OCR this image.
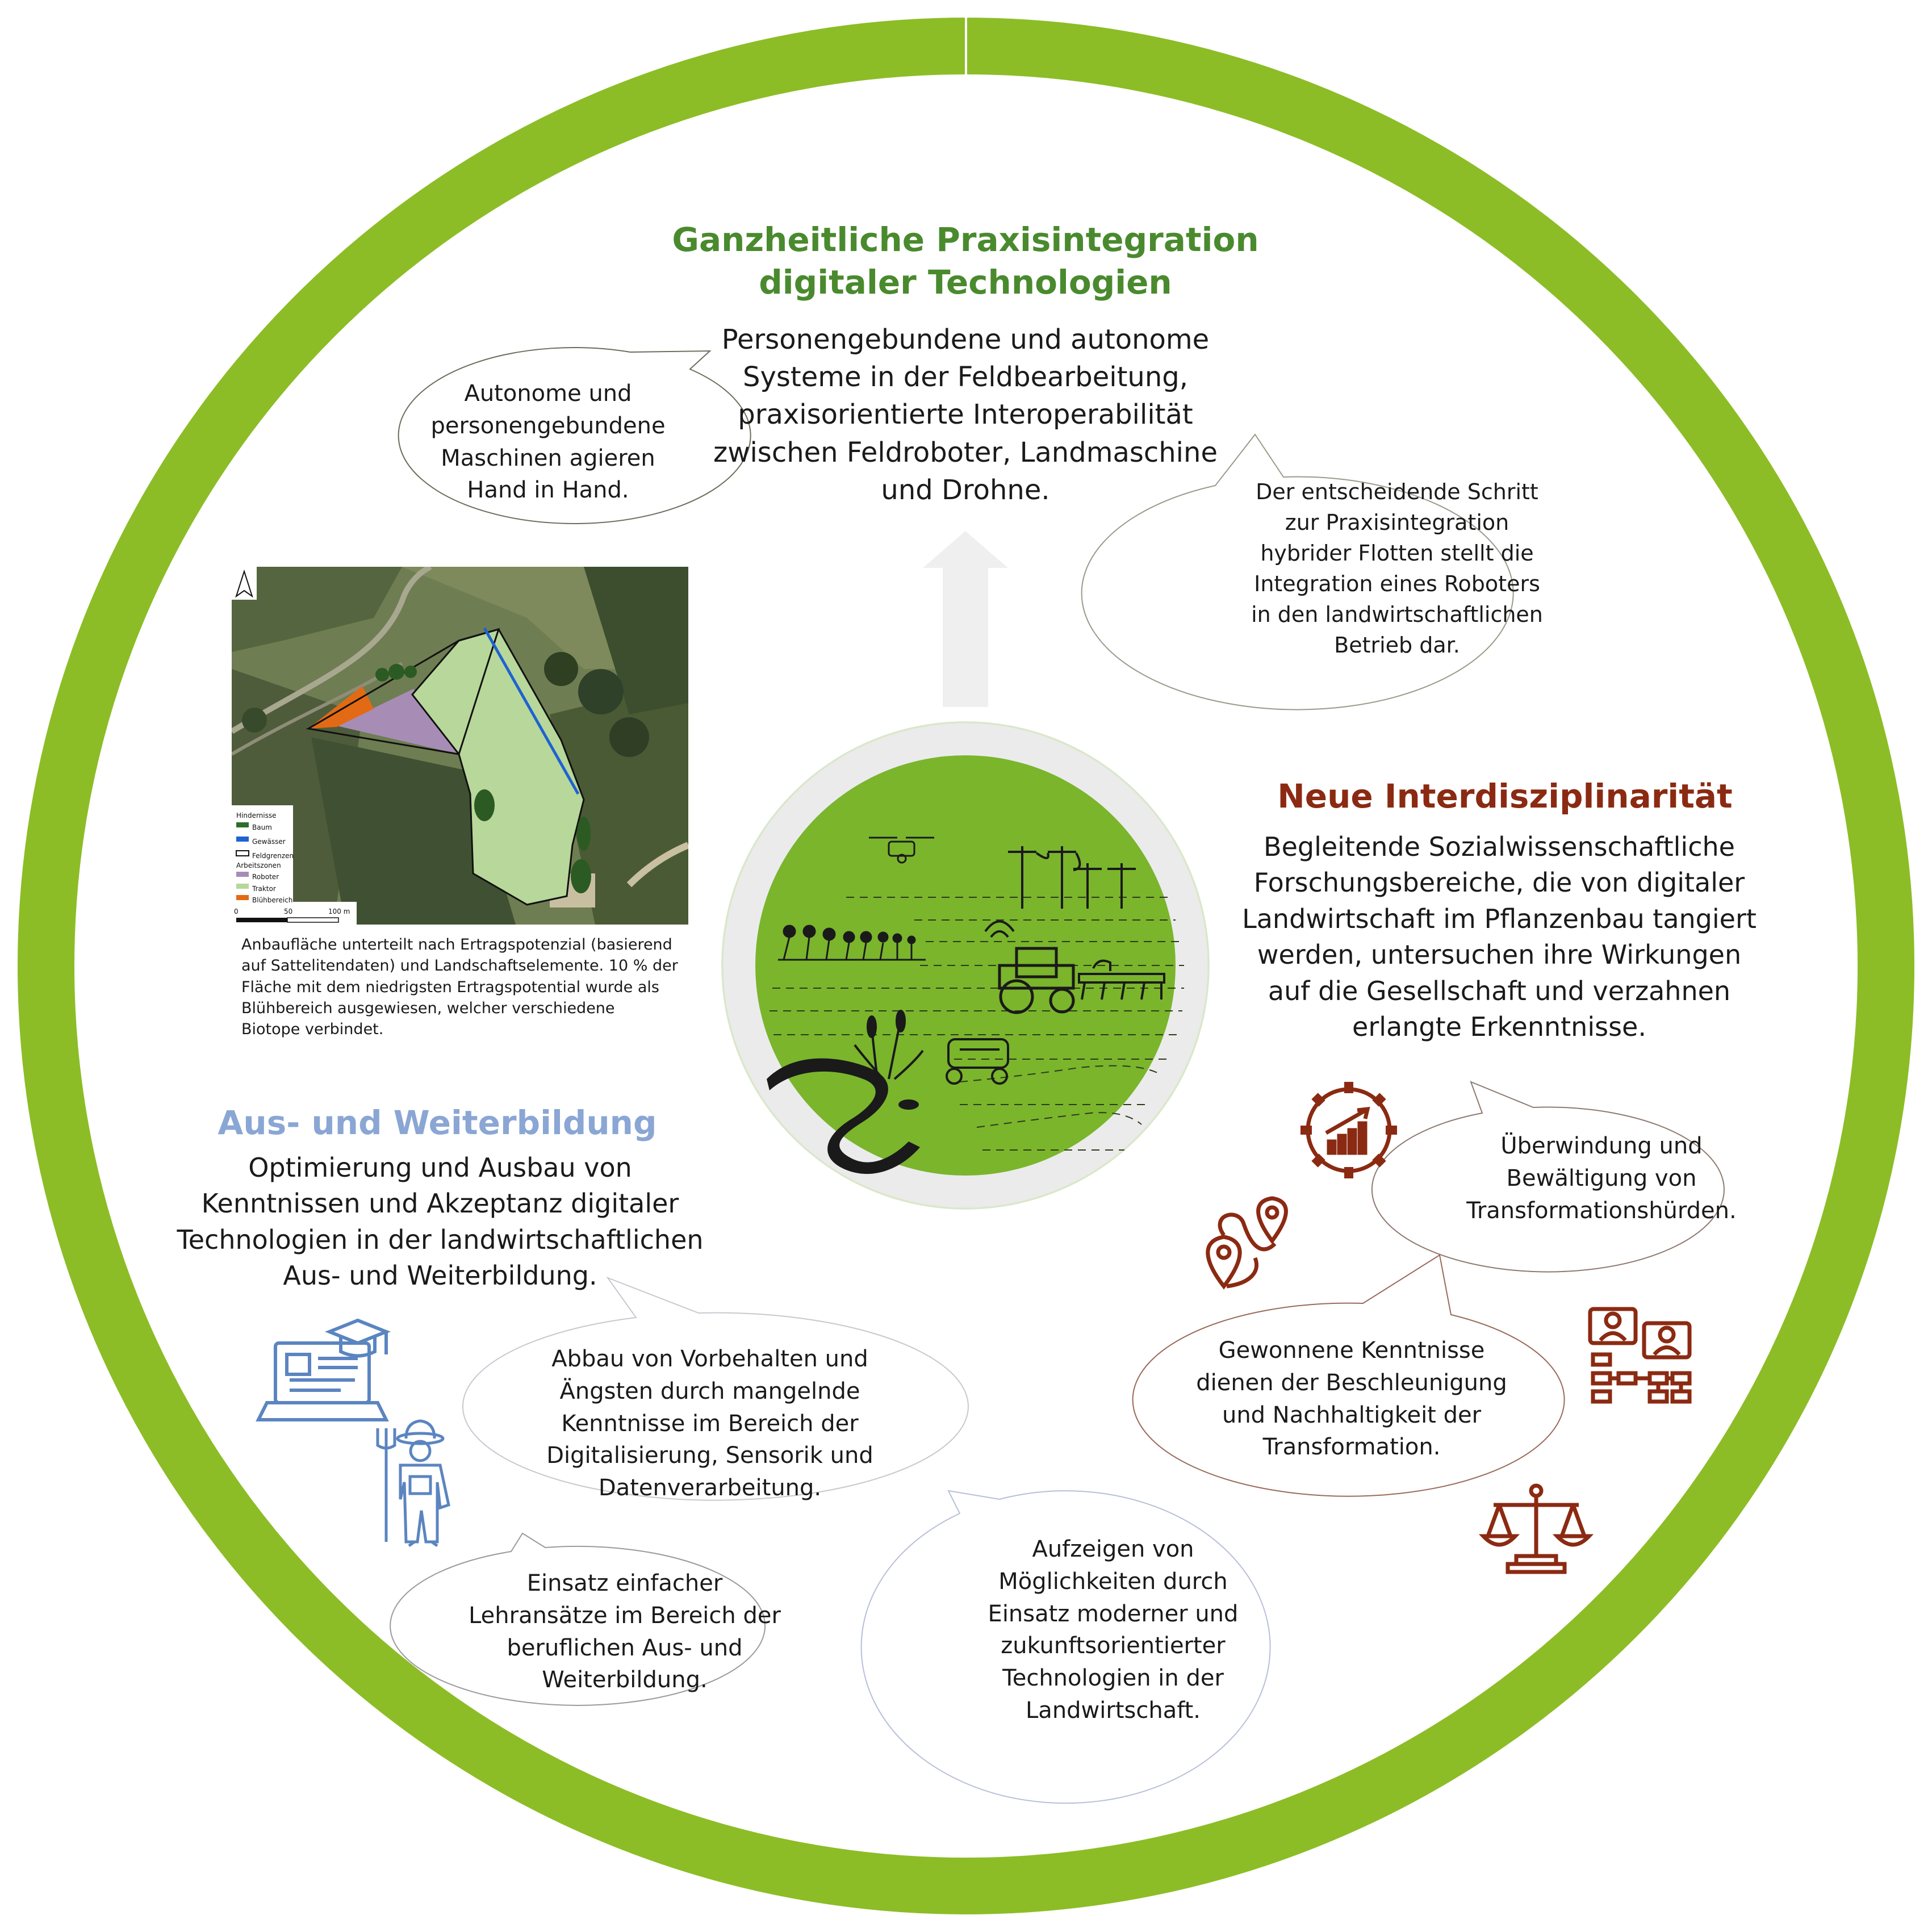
Hindernisse
Baum
Gewässer
Feldgrenzen
Arbeitszonen
Roboter
Traktor
Blühbereich
0	50	100 m
Anbaufläche unterteilt nach Ertragspotenzial (basierend
auf Sattelitendaten) und Landschaftselemente. 10 % der
Fläche mit dem niedrigsten Ertragspotential wurde als
Blühbereich ausgewiesen, welcher verschiedene
Biotope verbindet.
Ganzheitliche Praxisintegration
digitaler Technologien
Personengebundene und autonome
Systeme in der Feldbearbeitung,
praxisorientierte Interoperabilität
zwischen Feldroboter, Landmaschine
und Drohne.
Autonome und
personengebundene
Maschinen agieren
Hand in Hand.	Der entscheidende Schritt
zur Praxisintegration
hybrider Flotten stellt die
Integration eines Roboters
in den landwirtschaftlichen
Betrieb dar.
Neue Interdisziplinarität
Begleitende Sozialwissenschaftliche
Forschungsbereiche, die von digitaler
Landwirtschaft im Pflanzenbau tangiert
werden, untersuchen ihre Wirkungen
auf die Gesellschaft und verzahnen
erlangte Erkenntnisse.
Überwindung und
Bewältigung von
Transformationshürden.
Gewonnene Kenntnisse
dienen der Beschleunigung
und Nachhaltigkeit der
Transformation.
Aus- und Weiterbildung
Optimierung und Ausbau von
Kenntnissen und Akzeptanz digitaler
Technologien in der landwirtschaftlichen
Aus- und Weiterbildung.
Abbau von Vorbehalten und
Ängsten durch mangelnde
Kenntnisse im Bereich der
Digitalisierung, Sensorik und
Datenverarbeitung.
Einsatz einfacher
Lehransätze im Bereich der
beruflichen Aus- und
Weiterbildung.
Aufzeigen von
Möglichkeiten durch
Einsatz moderner und
zukunftsorientierter
Technologien in der
Landwirtschaft.
